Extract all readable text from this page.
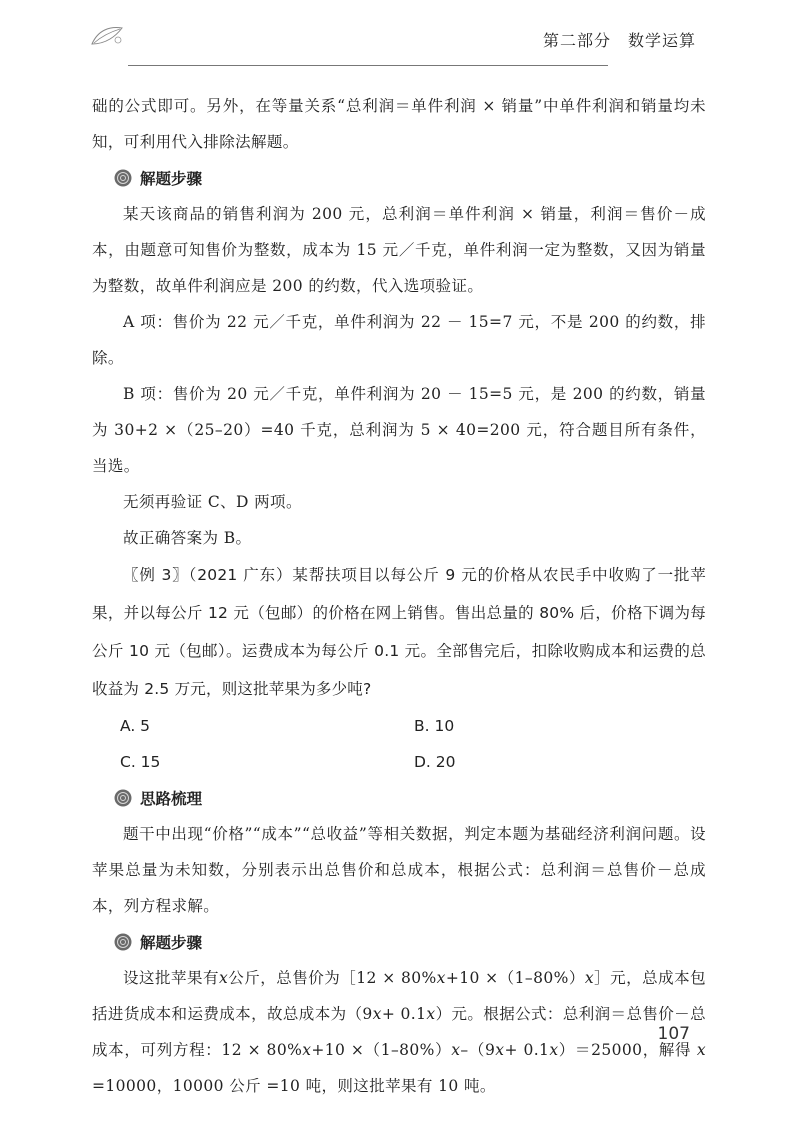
第二部分　数学运算

础的公式即可。另外，在等量关系“总利润＝单件利润 × 销量”中单件利润和销量均未知，可利用代入排除法解题。

解题步骤

某天该商品的销售利润为 200 元，总利润＝单件利润 × 销量，利润＝售价－成本，由题意可知售价为整数，成本为 15 元／千克，单件利润一定为整数，又因为销量为整数，故单件利润应是 200 的约数，代入选项验证。

A 项：售价为 22 元／千克，单件利润为 22 － 15=7 元，不是 200 的约数，排除。

B 项：售价为 20 元／千克，单件利润为 20 － 15=5 元，是 200 的约数，销量为 30+2 ×（25–20）=40 千克，总利润为 5 × 40=200 元，符合题目所有条件，当选。

无须再验证 C、D 两项。

故正确答案为 B。

〖例 3〗（2021 广东）某帮扶项目以每公斤 9 元的价格从农民手中收购了一批苹果，并以每公斤 12 元（包邮）的价格在网上销售。售出总量的 80% 后，价格下调为每公斤 10 元（包邮）。运费成本为每公斤 0.1 元。全部售完后，扣除收购成本和运费的总收益为 2.5 万元，则这批苹果为多少吨?

A. 5	B. 10
C. 15	D. 20
思路梳理

题干中出现“价格”“成本”“总收益”等相关数据，判定本题为基础经济利润问题。设苹果总量为未知数，分别表示出总售价和总成本，根据公式：总利润＝总售价－总成本，列方程求解。

解题步骤

设这批苹果有x公斤，总售价为［12 × 80%x+10 ×（1–80%）x］元，总成本包括进货成本和运费成本，故总成本为（9x+ 0.1x）元。根据公式：总利润＝总售价－总成本，可列方程：12 × 80%x+10 ×（1–80%）x–（9x+ 0.1x）＝25000，解得 x =10000，10000 公斤 =10 吨，则这批苹果有 10 吨。

107
